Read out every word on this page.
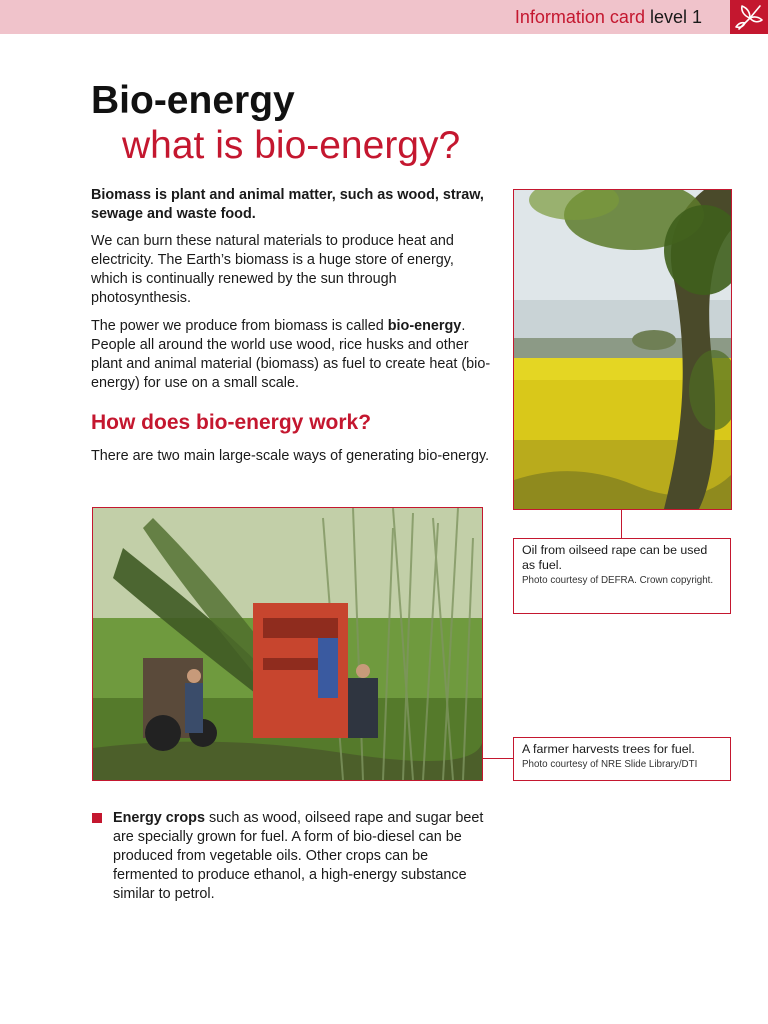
Information card level 1
Bio-energy
what is bio-energy?

Biomass is plant and animal matter, such as wood, straw, sewage and waste food.

We can burn these natural materials to produce heat and electricity. The Earth’s biomass is a huge store of energy, which is continually renewed by the sun through photosynthesis.

The power we produce from biomass is called bio-energy. People all around the world use wood, rice husks and other plant and animal material (biomass) as fuel to create heat (bio-energy) for use on a small scale.

How does bio-energy work?

There are two main large-scale ways of generating bio-energy.

Oil from oilseed rape can be used as fuel.
Photo courtesy of DEFRA. Crown copyright.
A farmer harvests trees for fuel.
Photo courtesy of NRE Slide Library/DTI

Energy crops such as wood, oilseed rape and sugar beet are specially grown for fuel. A form of bio-diesel can be produced from vegetable oils. Other crops can be fermented to produce ethanol, a high-energy substance similar to petrol.
